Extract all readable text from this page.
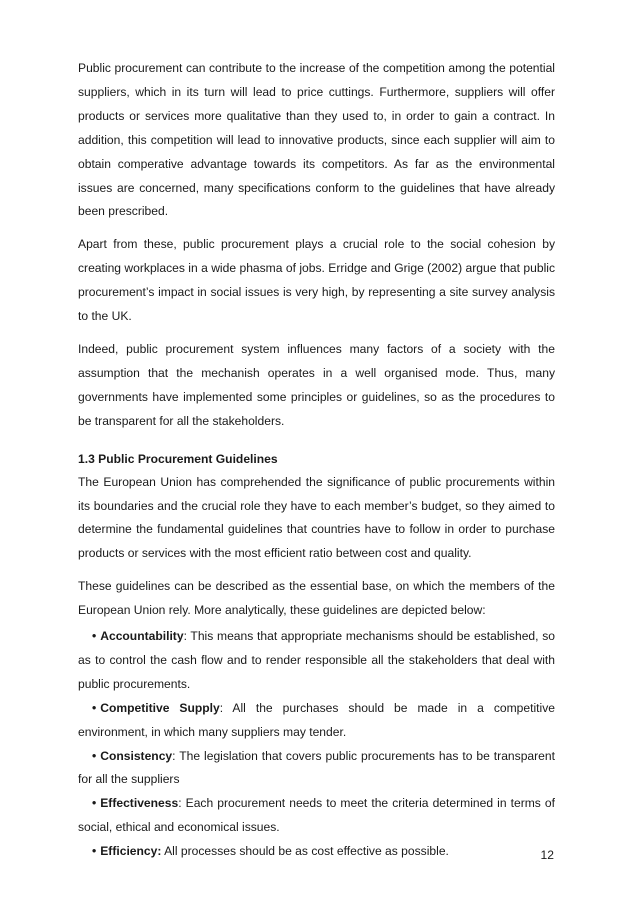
Public procurement can contribute to the increase of the competition among the potential suppliers, which in its turn will lead to price cuttings. Furthermore, suppliers will offer products or services more qualitative than they used to, in order to gain a contract. In addition, this competition will lead to innovative products, since each supplier will aim to obtain comperative advantage towards its competitors. As far as the environmental issues are concerned, many specifications conform to the guidelines that have already been prescribed.

Apart from these, public procurement plays a crucial role to the social cohesion by creating workplaces in a wide phasma of jobs. Erridge and Grige (2002) argue that public procurement’s impact in social issues is very high, by representing a site survey analysis to the UK.

Indeed, public procurement system influences many factors of a society with the assumption that the mechanish operates in a well organised mode. Thus, many governments have implemented some principles or guidelines, so as the procedures to be transparent for all the stakeholders.

1.3 Public Procurement Guidelines

The European Union has comprehended the significance of public procurements within its boundaries and the crucial role they have to each member’s budget, so they aimed to determine the fundamental guidelines that countries have to follow in order to purchase products or services with the most efficient ratio between cost and quality.

These guidelines can be described as the essential base, on which the members of the European Union rely. More analytically, these guidelines are depicted below:

• Accountability: This means that appropriate mechanisms should be established, so as to control the cash flow and to render responsible all the stakeholders that deal with public procurements.

• Competitive Supply: All the purchases should be made in a competitive environment, in which many suppliers may tender.

• Consistency: The legislation that covers public procurements has to be transparent for all the suppliers

• Effectiveness: Each procurement needs to meet the criteria determined in terms of social, ethical and economical issues.

• Efficiency: All processes should be as cost effective as possible.	12
